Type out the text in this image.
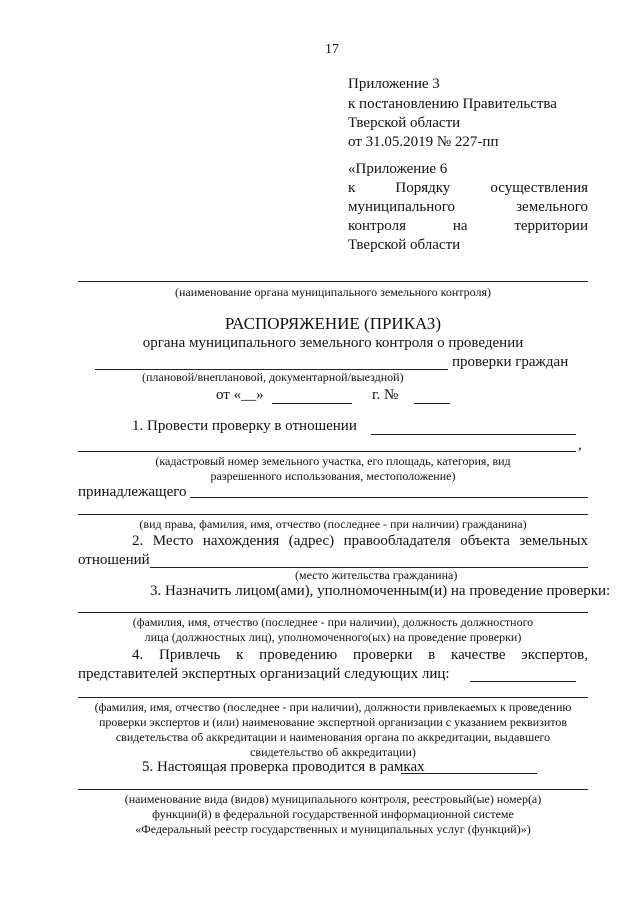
17
Приложение 3
к постановлению Правительства
Тверской области
от 31.05.2019 № 227-пп
«Приложение 6
к Порядку осуществления
муниципального земельного
контроля на территории
Тверской области
(наименование органа муниципального земельного контроля)
РАСПОРЯЖЕНИЕ (ПРИКАЗ)
органа муниципального земельного контроля о проведении
проверки граждан
(плановой/внеплановой, документарной/выездной)
от «__»	г. №
1. Провести проверку в отношении
,
(кадастровый номер земельного участка, его площадь, категория, вид
разрешенного использования, местоположение)
принадлежащего
(вид права, фамилия, имя, отчество (последнее - при наличии) гражданина)
2. Место нахождения (адрес) правообладателя объекта земельных
отношений
(место жительства гражданина)
3. Назначить лицом(ами), уполномоченным(и) на проведение проверки:
(фамилия, имя, отчество (последнее - при наличии), должность должностного
лица (должностных лиц), уполномоченного(ых) на проведение проверки)
4. Привлечь к проведению проверки в качестве экспертов,
представителей экспертных организаций следующих лиц:
(фамилия, имя, отчество (последнее - при наличии), должности привлекаемых к проведению
проверки экспертов и (или) наименование экспертной организации с указанием реквизитов
свидетельства об аккредитации и наименования органа по аккредитации, выдавшего
свидетельство об аккредитации)
5. Настоящая проверка проводится в рамках
(наименование вида (видов) муниципального контроля, реестровый(ые) номер(а)
функции(й) в федеральной государственной информационной системе
«Федеральный реестр государственных и муниципальных услуг (функций)»)
